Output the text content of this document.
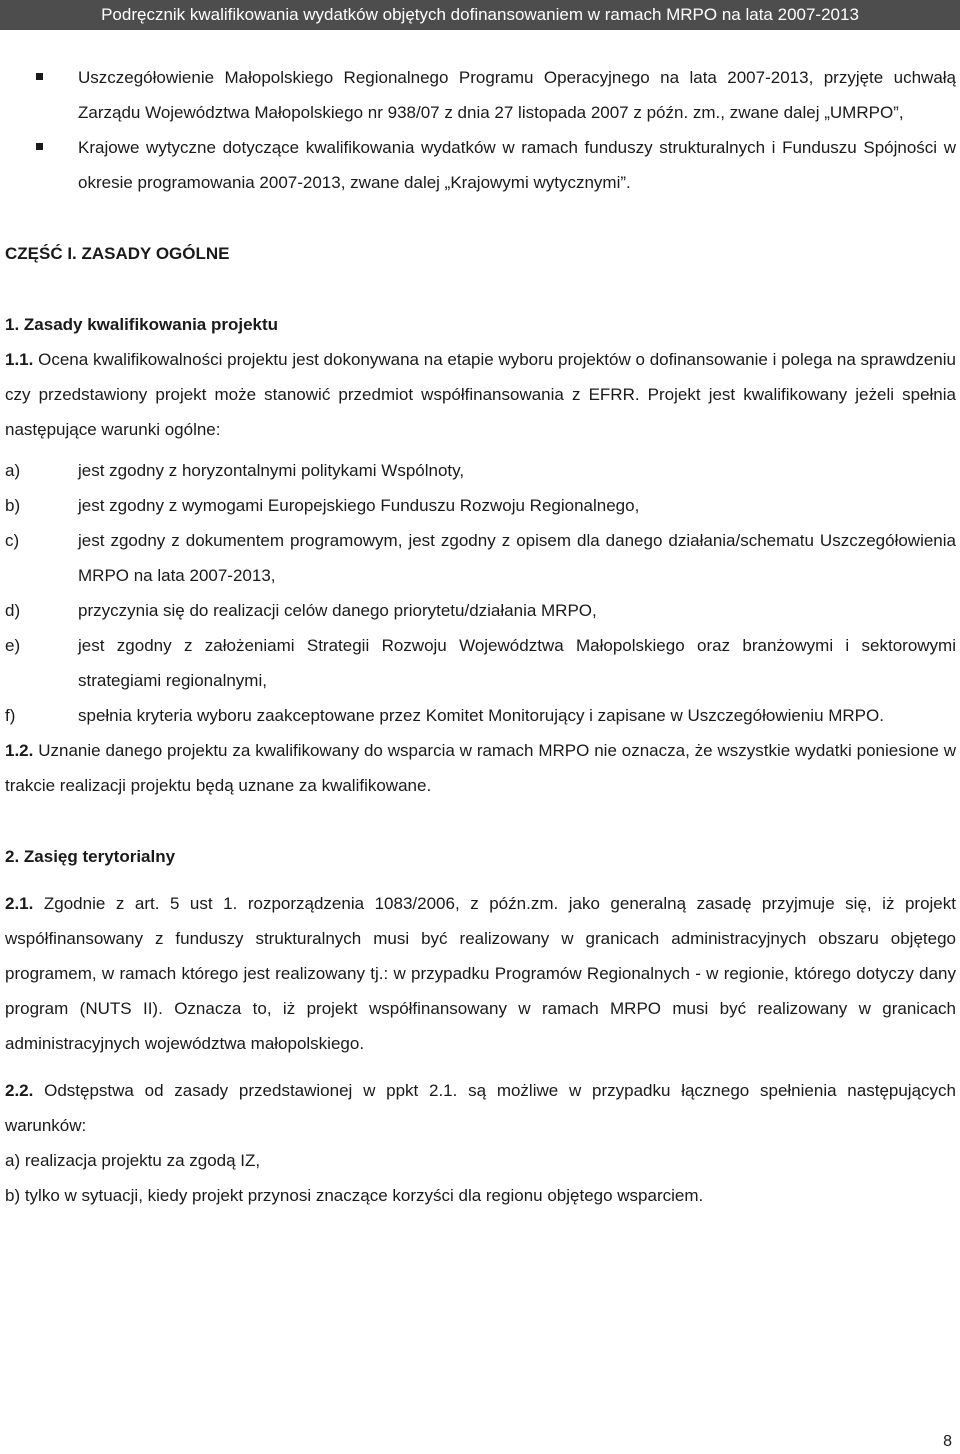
Podręcznik kwalifikowania wydatków objętych dofinansowaniem w ramach MRPO na lata 2007-2013

Uszczegółowienie Małopolskiego Regionalnego Programu Operacyjnego na lata 2007-2013, przyjęte uchwałą Zarządu Województwa Małopolskiego nr 938/07 z dnia 27 listopada 2007 z późn. zm., zwane dalej „UMRPO”,

Krajowe wytyczne dotyczące kwalifikowania wydatków w ramach funduszy strukturalnych i Funduszu Spójności w okresie programowania 2007-2013, zwane dalej „Krajowymi wytycznymi”.

CZĘŚĆ I. ZASADY OGÓLNE

1. Zasady kwalifikowania projektu

1.1. Ocena kwalifikowalności projektu jest dokonywana na etapie wyboru projektów o dofinansowanie i polega na sprawdzeniu czy przedstawiony projekt może stanowić przedmiot współfinansowania z EFRR. Projekt jest kwalifikowany jeżeli spełnia następujące warunki ogólne:

a)	jest zgodny z horyzontalnymi politykami Wspólnoty,

b)	jest zgodny z wymogami Europejskiego Funduszu Rozwoju Regionalnego,

c)	jest zgodny z dokumentem programowym, jest zgodny z opisem dla danego działania/schematu Uszczegółowienia MRPO na lata 2007-2013,

d)	przyczynia się do realizacji celów danego priorytetu/działania MRPO,

e)	jest zgodny z założeniami Strategii Rozwoju Województwa Małopolskiego oraz branżowymi i sektorowymi strategiami regionalnymi,

f)	spełnia kryteria wyboru zaakceptowane przez Komitet Monitorujący i zapisane w Uszczegółowieniu MRPO.

1.2. Uznanie danego projektu za kwalifikowany do wsparcia w ramach MRPO nie oznacza, że wszystkie wydatki poniesione w trakcie realizacji projektu będą uznane za kwalifikowane.

2. Zasięg terytorialny

2.1. Zgodnie z art. 5 ust 1. rozporządzenia 1083/2006, z późn.zm. jako generalną zasadę przyjmuje się, iż projekt współfinansowany z funduszy strukturalnych musi być realizowany w granicach administracyjnych obszaru objętego programem, w ramach którego jest realizowany tj.: w przypadku Programów Regionalnych - w regionie, którego dotyczy dany program (NUTS II). Oznacza to, iż projekt współfinansowany w ramach MRPO musi być realizowany w granicach administracyjnych województwa małopolskiego.

2.2. Odstępstwa od zasady przedstawionej w ppkt 2.1. są możliwe w przypadku łącznego spełnienia następujących warunków:

a) realizacja projektu za zgodą IZ,

b) tylko w sytuacji, kiedy projekt przynosi znaczące korzyści dla regionu objętego wsparciem.

8
